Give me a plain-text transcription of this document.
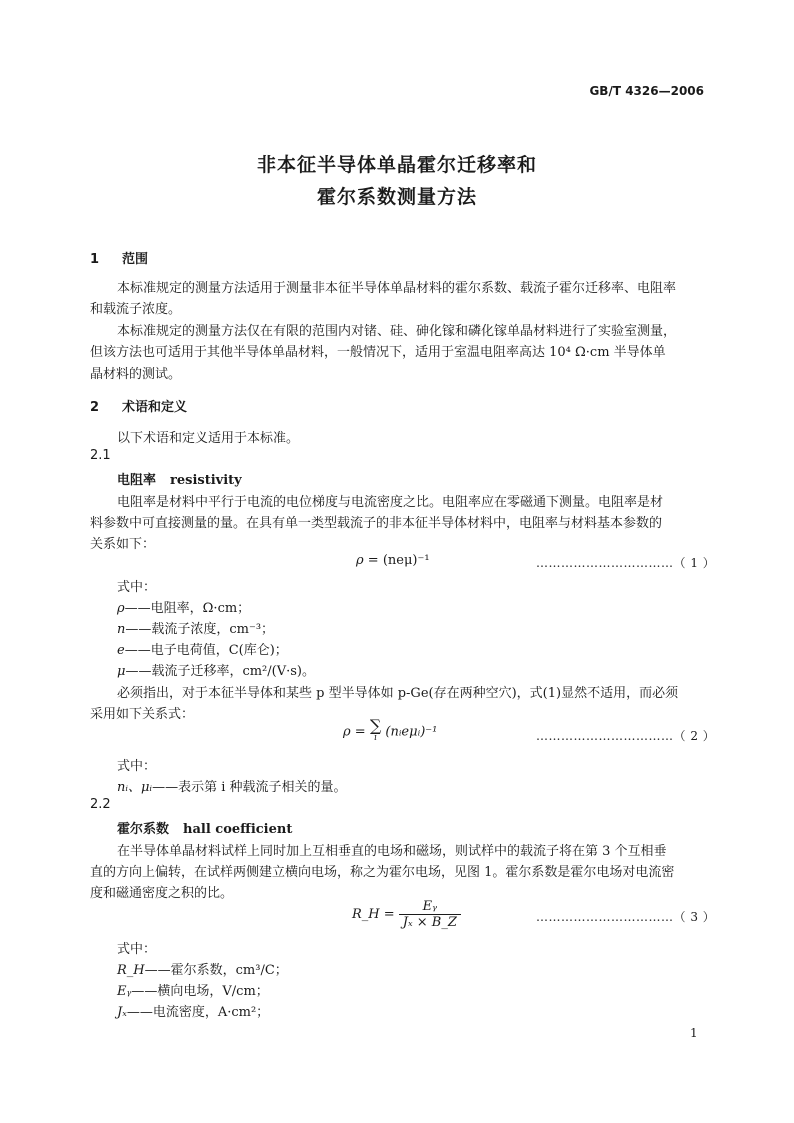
GB/T 4326—2006
非本征半导体单晶霍尔迁移率和
霍尔系数测量方法
1 范围
本标准规定的测量方法适用于测量非本征半导体单晶材料的霍尔系数、载流子霍尔迁移率、电阻率
和载流子浓度。
本标准规定的测量方法仅在有限的范围内对锗、硅、砷化镓和磷化镓单晶材料进行了实验室测量，
但该方法也可适用于其他半导体单晶材料，一般情况下，适用于室温电阻率高达 10⁴ Ω·cm 半导体单
晶材料的测试。
2 术语和定义
以下术语和定义适用于本标准。
2.1
电阻率 resistivity
电阻率是材料中平行于电流的电位梯度与电流密度之比。电阻率应在零磁通下测量。电阻率是材
料参数中可直接测量的量。在具有单一类型载流子的非本征半导体材料中，电阻率与材料基本参数的
关系如下：
ρ = (neμ)⁻¹	……………………………（ 1 ）
式中：
ρ——电阻率，Ω·cm；
n——载流子浓度，cm⁻³；
e——电子电荷值，C(库仑)；
μ——载流子迁移率，cm²/(V·s)。
必须指出，对于本征半导体和某些 p 型半导体如 p-Ge(存在两种空穴)，式(1)显然不适用，而必须
采用如下关系式：
ρ = ∑
i (nᵢeμᵢ)⁻¹	……………………………（ 2 ）
式中：
nᵢ、μᵢ——表示第 i 种载流子相关的量。
2.2
霍尔系数 hall coefficient
在半导体单晶材料试样上同时加上互相垂直的电场和磁场，则试样中的载流子将在第 3 个互相垂
直的方向上偏转，在试样两侧建立横向电场，称之为霍尔电场，见图 1。霍尔系数是霍尔电场对电流密
度和磁通密度之积的比。
R_H = $\frac{\text{Eᵧ}}{\text{Jₓ × B\_Z}}$	……………………………（ 3 ）
式中：
R_H——霍尔系数，cm³/C；
Eᵧ——横向电场，V/cm；
Jₓ——电流密度，A·cm²；
1
